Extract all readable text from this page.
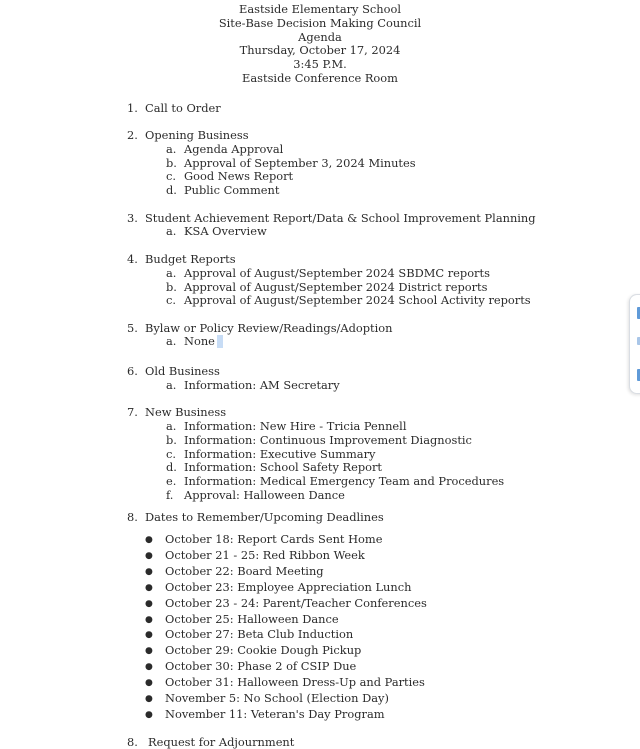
Eastside Elementary School
Site-Base Decision Making Council
Agenda
Thursday, October 17, 2024
3:45 P.M.
Eastside Conference Room
1. Call to Order
2. Opening Business
a. Agenda Approval
b. Approval of September 3, 2024 Minutes
c. Good News Report
d. Public Comment
3. Student Achievement Report/Data & School Improvement Planning
a. KSA Overview
4. Budget Reports
a. Approval of August/September 2024 SBDMC reports
b. Approval of August/September 2024 District reports
c. Approval of August/September 2024 School Activity reports
5. Bylaw or Policy Review/Readings/Adoption
a. None
6. Old Business
a. Information: AM Secretary
7. New Business
a. Information: New Hire - Tricia Pennell
b. Information: Continuous Improvement Diagnostic
c. Information: Executive Summary
d. Information: School Safety Report
e. Information: Medical Emergency Team and Procedures
f. Approval: Halloween Dance
8. Dates to Remember/Upcoming Deadlines
● October 18: Report Cards Sent Home
● October 21 - 25: Red Ribbon Week
● October 22: Board Meeting
● October 23: Employee Appreciation Lunch
● October 23 - 24: Parent/Teacher Conferences
● October 25: Halloween Dance
● October 27: Beta Club Induction
● October 29: Cookie Dough Pickup
● October 30: Phase 2 of CSIP Due
● October 31: Halloween Dress-Up and Parties
● November 5: No School (Election Day)
● November 11: Veteran's Day Program
8. Request for Adjournment
